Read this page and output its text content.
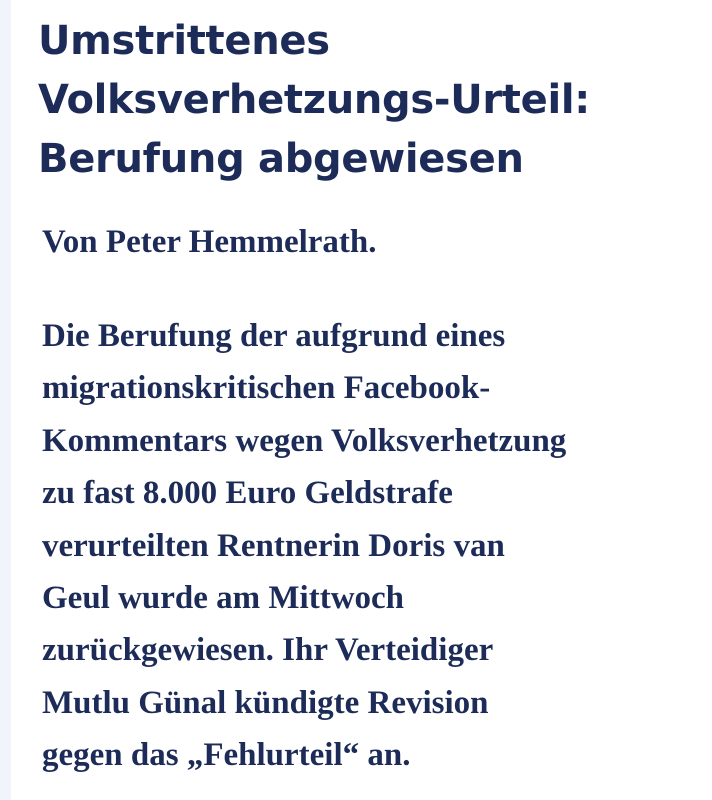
Umstrittenes
Volksverhetzungs-Urteil:
Berufung abgewiesen

Von Peter Hemmelrath.

Die Berufung der aufgrund eines
migrationskritischen Facebook-
Kommentars wegen Volksverhetzung
zu fast 8.000 Euro Geldstrafe
verurteilten Rentnerin Doris van
Geul wurde am Mittwoch
zurückgewiesen. Ihr Verteidiger
Mutlu Günal kündigte Revision
gegen das „Fehlurteil“ an.
